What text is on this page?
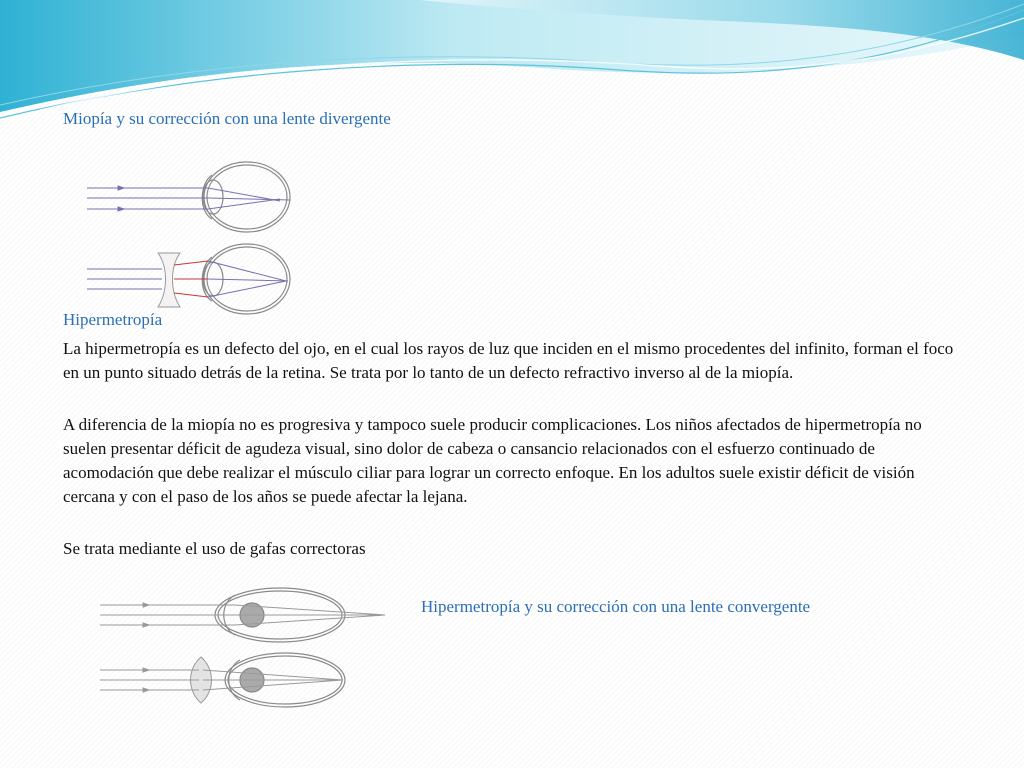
Miopía y su corrección con una lente divergente

Hipermetropía

La hipermetropía es un defecto del ojo, en el cual los rayos de luz que inciden en el mismo procedentes del infinito, forman el foco en un punto situado detrás de la retina. Se trata por lo tanto de un defecto refractivo inverso al de la miopía.

A diferencia de la miopía no es progresiva y tampoco suele producir complicaciones. Los niños afectados de hipermetropía no suelen presentar déficit de agudeza visual, sino dolor de cabeza o cansancio relacionados con el esfuerzo continuado de acomodación que debe realizar el músculo ciliar para lograr un correcto enfoque. En los adultos suele existir déficit de visión cercana y con el paso de los años se puede afectar la lejana.

Se trata mediante el uso de gafas correctoras

Hipermetropía y su corrección con una lente convergente
